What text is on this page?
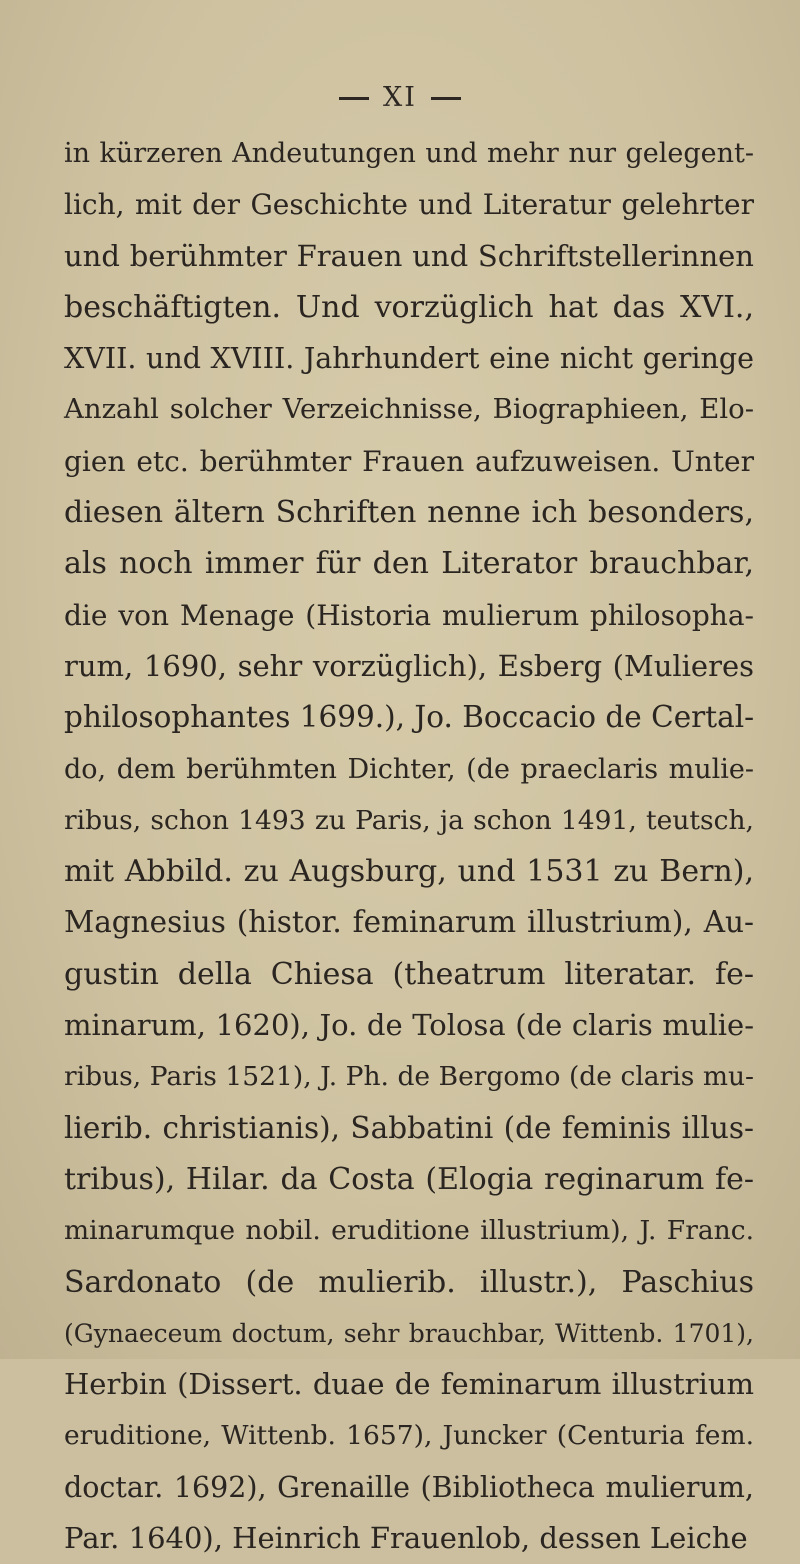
XI
in kürzeren Andeutungen und mehr nur gelegent-
lich, mit der Geschichte und Literatur gelehrter
und berühmter Frauen und Schriftstellerinnen
beschäftigten. Und vorzüglich hat das XVI.,
XVII. und XVIII. Jahrhundert eine nicht geringe
Anzahl solcher Verzeichnisse, Biographieen, Elo-
gien etc. berühmter Frauen aufzuweisen. Unter
diesen ältern Schriften nenne ich besonders,
als noch immer für den Literator brauchbar,
die von Menage (Historia mulierum philosopha-
rum, 1690, sehr vorzüglich), Esberg (Mulieres
philosophantes 1699.), Jo. Boccacio de Certal-
do, dem berühmten Dichter, (de praeclaris mulie-
ribus, schon 1493 zu Paris, ja schon 1491, teutsch,
mit Abbild. zu Augsburg, und 1531 zu Bern),
Magnesius (histor. feminarum illustrium), Au-
gustin della Chiesa (theatrum literatar. fe-
minarum, 1620), Jo. de Tolosa (de claris mulie-
ribus, Paris 1521), J. Ph. de Bergomo (de claris mu-
lierib. christianis), Sabbatini (de feminis illus-
tribus), Hilar. da Costa (Elogia reginarum fe-
minarumque nobil. eruditione illustrium), J. Franc.
Sardonato (de mulierib. illustr.), Paschius
(Gynaeceum doctum, sehr brauchbar, Wittenb. 1701),
Herbin (Dissert. duae de feminarum illustrium
eruditione, Wittenb. 1657), Juncker (Centuria fem.
doctar. 1692), Grenaille (Bibliotheca mulierum,
Par. 1640), Heinrich Frauenlob, dessen Leiche
